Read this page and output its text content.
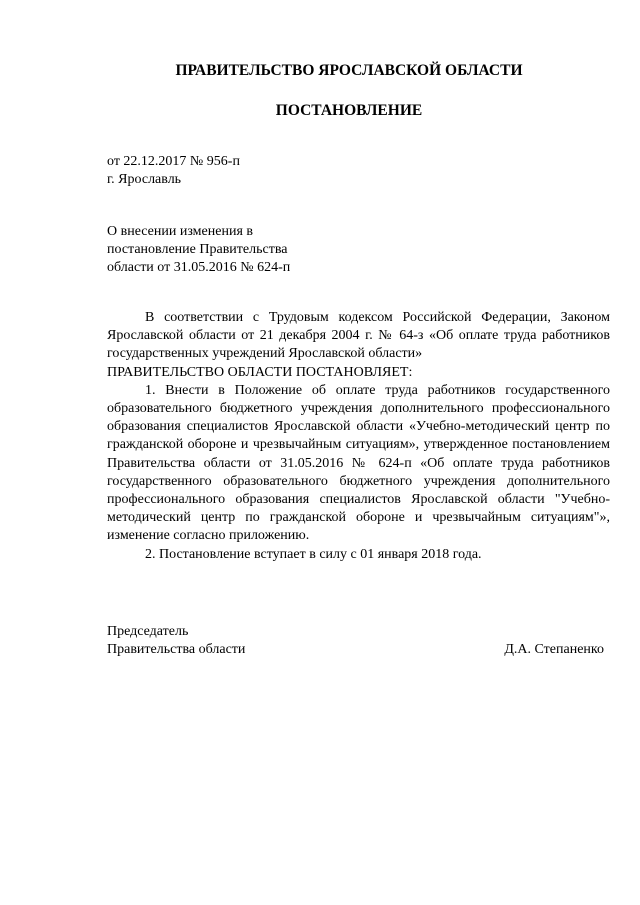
ПРАВИТЕЛЬСТВО ЯРОСЛАВСКОЙ ОБЛАСТИ
ПОСТАНОВЛЕНИЕ
от 22.12.2017 № 956-п
г. Ярославль
О внесении изменения в
постановление Правительства
области от 31.05.2016 № 624-п

В соответствии с Трудовым кодексом Российской Федерации, Законом Ярославской области от 21 декабря 2004 г. № 64-з «Об оплате труда работников государственных учреждений Ярославской области»

ПРАВИТЕЛЬСТВО ОБЛАСТИ ПОСТАНОВЛЯЕТ:

1. Внести в Положение об оплате труда работников государственного образовательного бюджетного учреждения дополнительного профессионального образования специалистов Ярославской области «Учебно-методический центр по гражданской обороне и чрезвычайным ситуациям», утвержденное постановлением Правительства области от 31.05.2016 № 624-п «Об оплате труда работников государственного образовательного бюджетного учреждения дополнительного профессионального образования специалистов Ярославской области "Учебно-методический центр по гражданской обороне и чрезвычайным ситуациям"», изменение согласно приложению.

2. Постановление вступает в силу с 01 января 2018 года.

Председатель
Правительства области	Д.А. Степаненко
